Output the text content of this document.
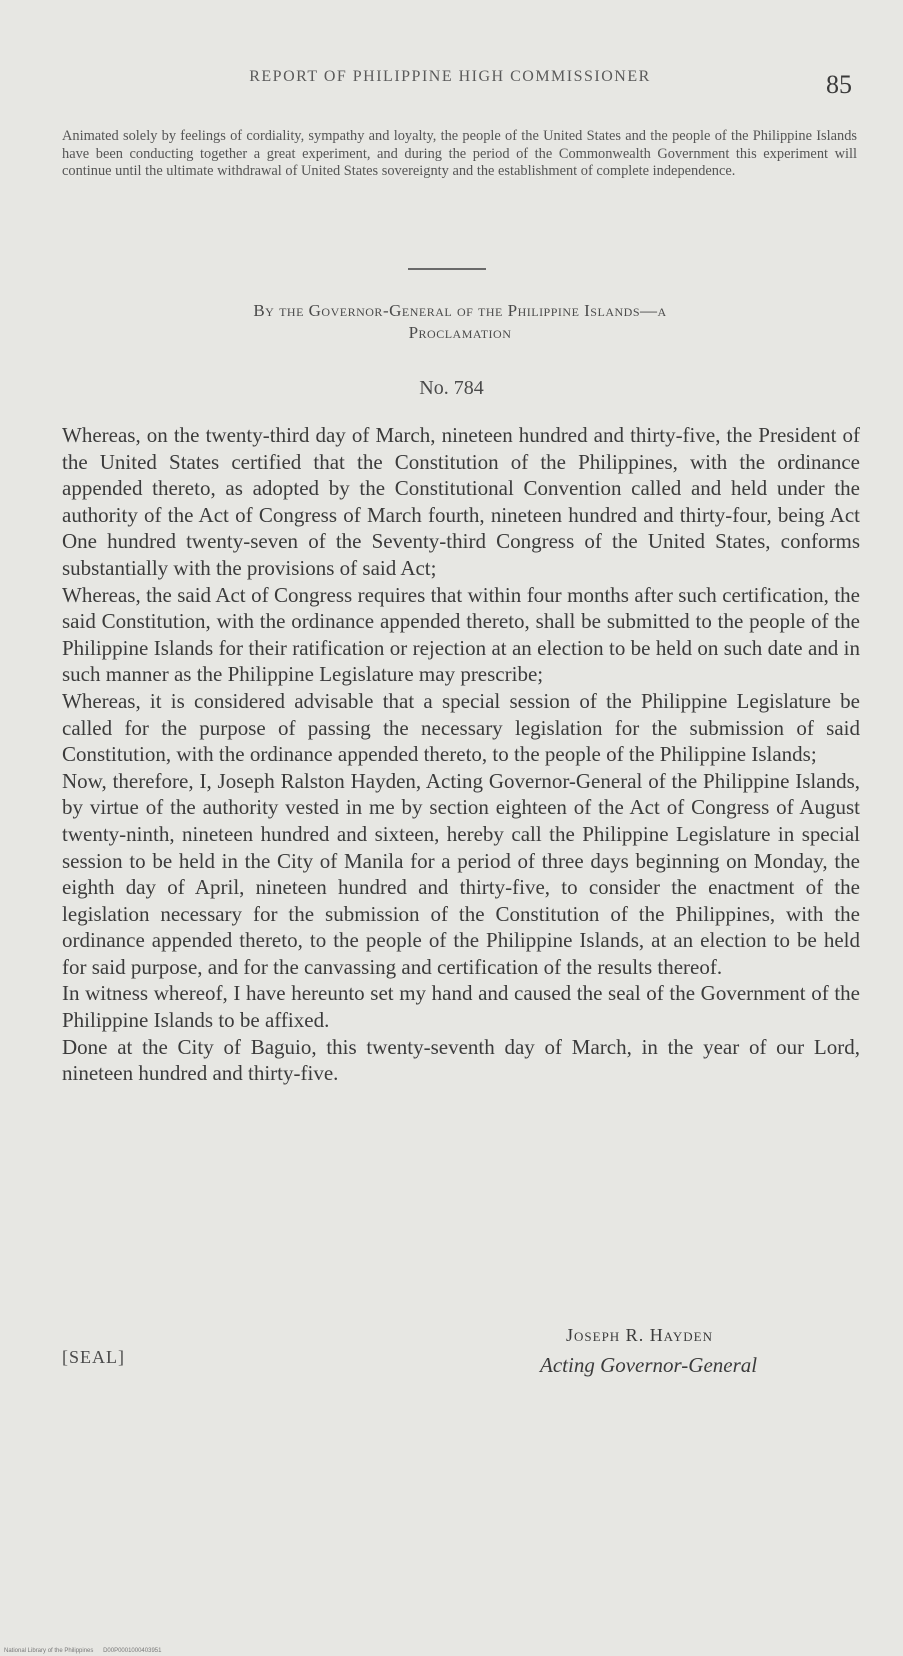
REPORT OF PHILIPPINE HIGH COMMISSIONER	85
Animated solely by feelings of cordiality, sympathy and loyalty, the people of the United States and the people of the Philippine Islands have been conducting together a great experiment, and during the period of the Commonwealth Government this experiment will continue until the ultimate withdrawal of United States sovereignty and the establishment of complete independence.
By the Governor-General of the Philippine Islands—a
Proclamation
No. 784

Whereas, on the twenty-third day of March, nineteen hundred and thirty-five, the President of the United States certified that the Constitution of the Philippines, with the ordinance appended thereto, as adopted by the Constitutional Convention called and held under the authority of the Act of Congress of March fourth, nineteen hundred and thirty-four, being Act One hundred twenty-seven of the Seventy-third Congress of the United States, conforms substantially with the provisions of said Act;

Whereas, the said Act of Congress requires that within four months after such certification, the said Constitution, with the ordinance appended thereto, shall be submitted to the people of the Philippine Islands for their ratification or rejection at an election to be held on such date and in such manner as the Philippine Legislature may prescribe;

Whereas, it is considered advisable that a special session of the Philippine Legislature be called for the purpose of passing the necessary legislation for the submission of said Constitution, with the ordinance appended thereto, to the people of the Philippine Islands;

Now, therefore, I, Joseph Ralston Hayden, Acting Governor-General of the Philippine Islands, by virtue of the authority vested in me by section eighteen of the Act of Congress of August twenty-ninth, nineteen hundred and sixteen, hereby call the Philippine Legislature in special session to be held in the City of Manila for a period of three days beginning on Monday, the eighth day of April, nineteen hundred and thirty-five, to consider the enactment of the legislation necessary for the submission of the Constitution of the Philippines, with the ordinance appended thereto, to the people of the Philippine Islands, at an election to be held for said purpose, and for the canvassing and certification of the results thereof.

In witness whereof, I have hereunto set my hand and caused the seal of the Government of the Philippine Islands to be affixed.

Done at the City of Baguio, this twenty-seventh day of March, in the year of our Lord, nineteen hundred and thirty-five.

[SEAL]
Joseph R. Hayden
Acting Governor-General
National Library of the Philippines D00P0001000403951
